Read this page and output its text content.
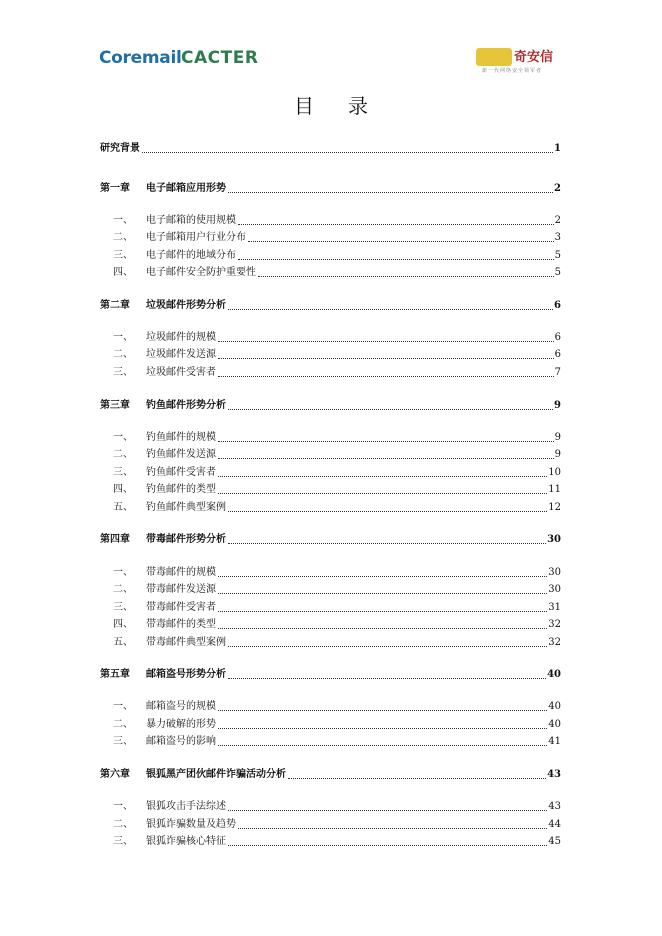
Coremail CACTER	奇安信
新一代网络安全领军者
目录
研究背景	1
第一章	电子邮箱应用形势	2
一、	电子邮箱的使用规模	2
二、	电子邮箱用户行业分布	3
三、	电子邮件的地域分布	5
四、	电子邮件安全防护重要性	5
第二章	垃圾邮件形势分析	6
一、	垃圾邮件的规模	6
二、	垃圾邮件发送源	6
三、	垃圾邮件受害者	7
第三章	钓鱼邮件形势分析	9
一、	钓鱼邮件的规模	9
二、	钓鱼邮件发送源	9
三、	钓鱼邮件受害者	10
四、	钓鱼邮件的类型	11
五、	钓鱼邮件典型案例	12
第四章	带毒邮件形势分析	30
一、	带毒邮件的规模	30
二、	带毒邮件发送源	30
三、	带毒邮件受害者	31
四、	带毒邮件的类型	32
五、	带毒邮件典型案例	32
第五章	邮箱盗号形势分析	40
一、	邮箱盗号的规模	40
二、	暴力破解的形势	40
三、	邮箱盗号的影响	41
第六章	银狐黑产团伙邮件诈骗活动分析	43
一、	银狐攻击手法综述	43
二、	银狐诈骗数量及趋势	44
三、	银狐诈骗核心特征	45
